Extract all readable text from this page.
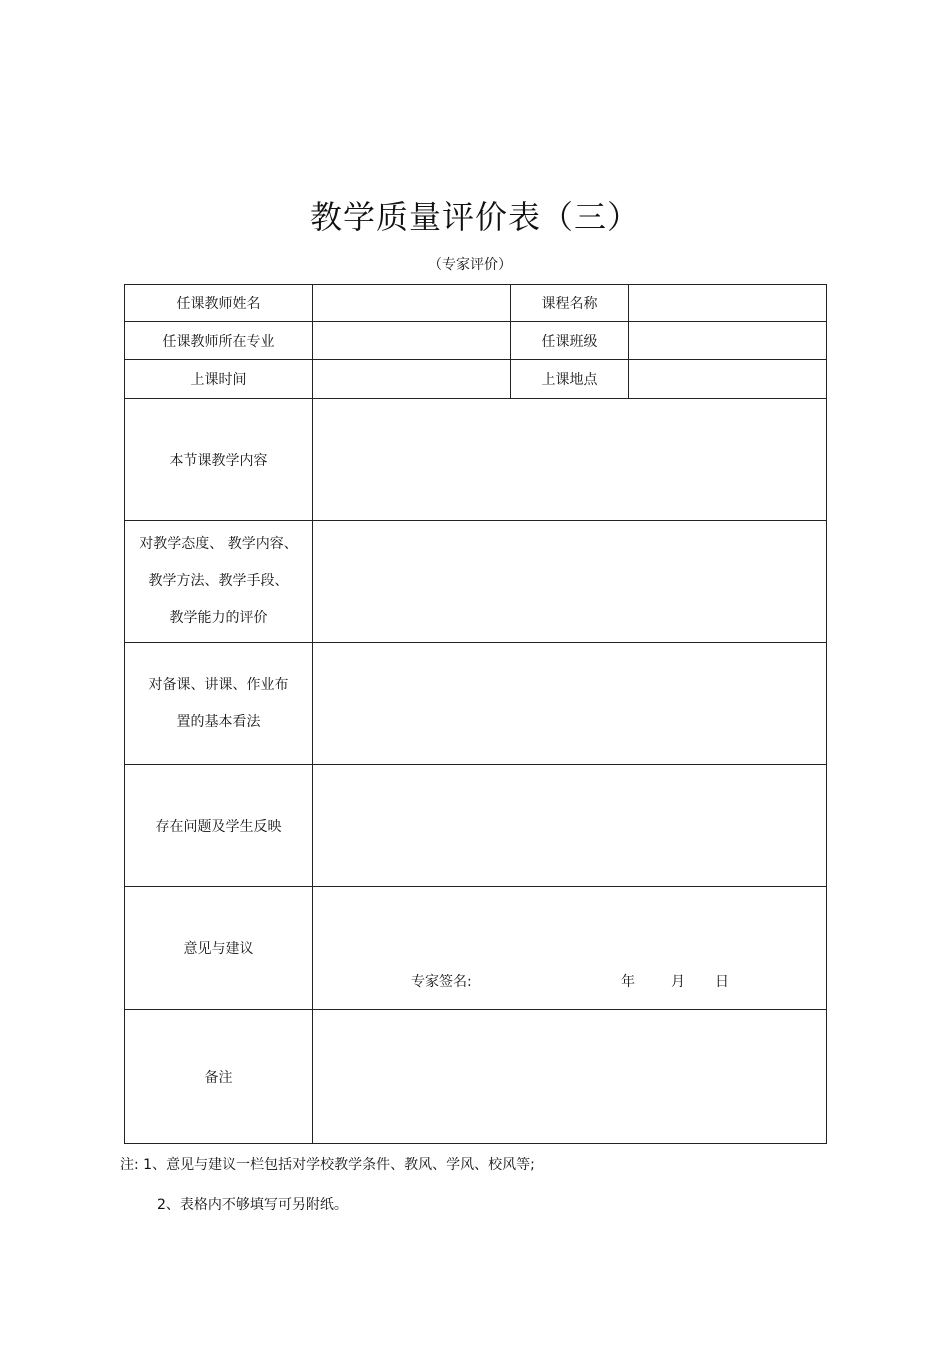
教学质量评价表（三）
（专家评价）
任课教师姓名		课程名称	
任课教师所在专业		任课班级	
上课时间		上课地点	
本节课教学内容			

对教学态度、 教学内容、
教学方法、教学手段、
教学能力的评价			

对备课、讲课、作业布
置的基本看法			

存在问题及学生反映			
意见与建议	专家签名: 年 月 日		

备注			
注: 1、意见与建议一栏包括对学校教学条件、教风、学风、校风等;
2、表格内不够填写可另附纸。
